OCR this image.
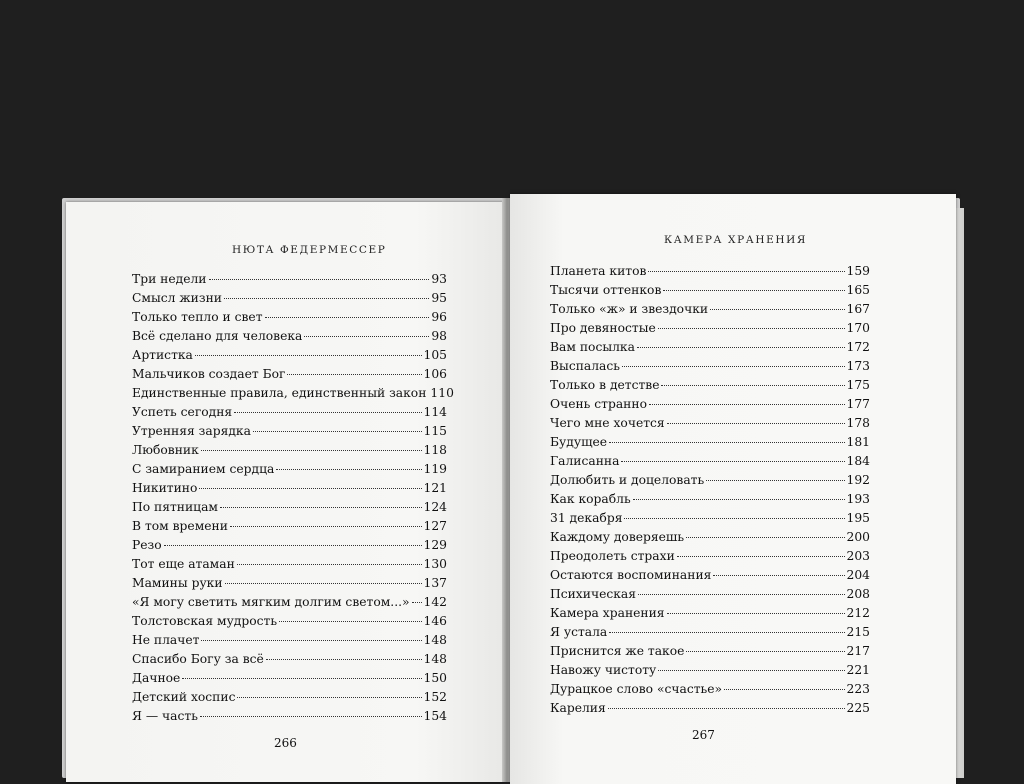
НЮТА ФЕДЕРМЕССЕР
Три недели	93
Смысл жизни	95
Только тепло и свет	96
Всё сделано для человека	98
Артистка	105
Мальчиков создает Бог	106
Единственные правила, единственный закон 110
Успеть сегодня	114
Утренняя зарядка	115
Любовник	118
С замиранием сердца	119
Никитино	121
По пятницам	124
В том времени	127
Резо	129
Тот еще атаман	130
Мамины руки	137
«Я могу светить мягким долгим светом...» 142
Толстовская мудрость	146
Не плачет	148
Спасибо Богу за всё	148
Дачное	150
Детский хоспис	152
Я — часть	154
266
КАМЕРА ХРАНЕНИЯ
Планета китов	159
Тысячи оттенков	165
Только «ж» и звездочки	167
Про девяностые	170
Вам посылка	172
Выспалась	173
Только в детстве	175
Очень странно	177
Чего мне хочется	178
Будущее	181
Галисанна	184
Долюбить и доцеловать	192
Как корабль	193
31 декабря	195
Каждому доверяешь	200
Преодолеть страхи	203
Остаются воспоминания	204
Психическая	208
Камера хранения	212
Я устала	215
Приснится же такое	217
Навожу чистоту	221
Дурацкое слово «счастье»	223
Карелия	225
267
